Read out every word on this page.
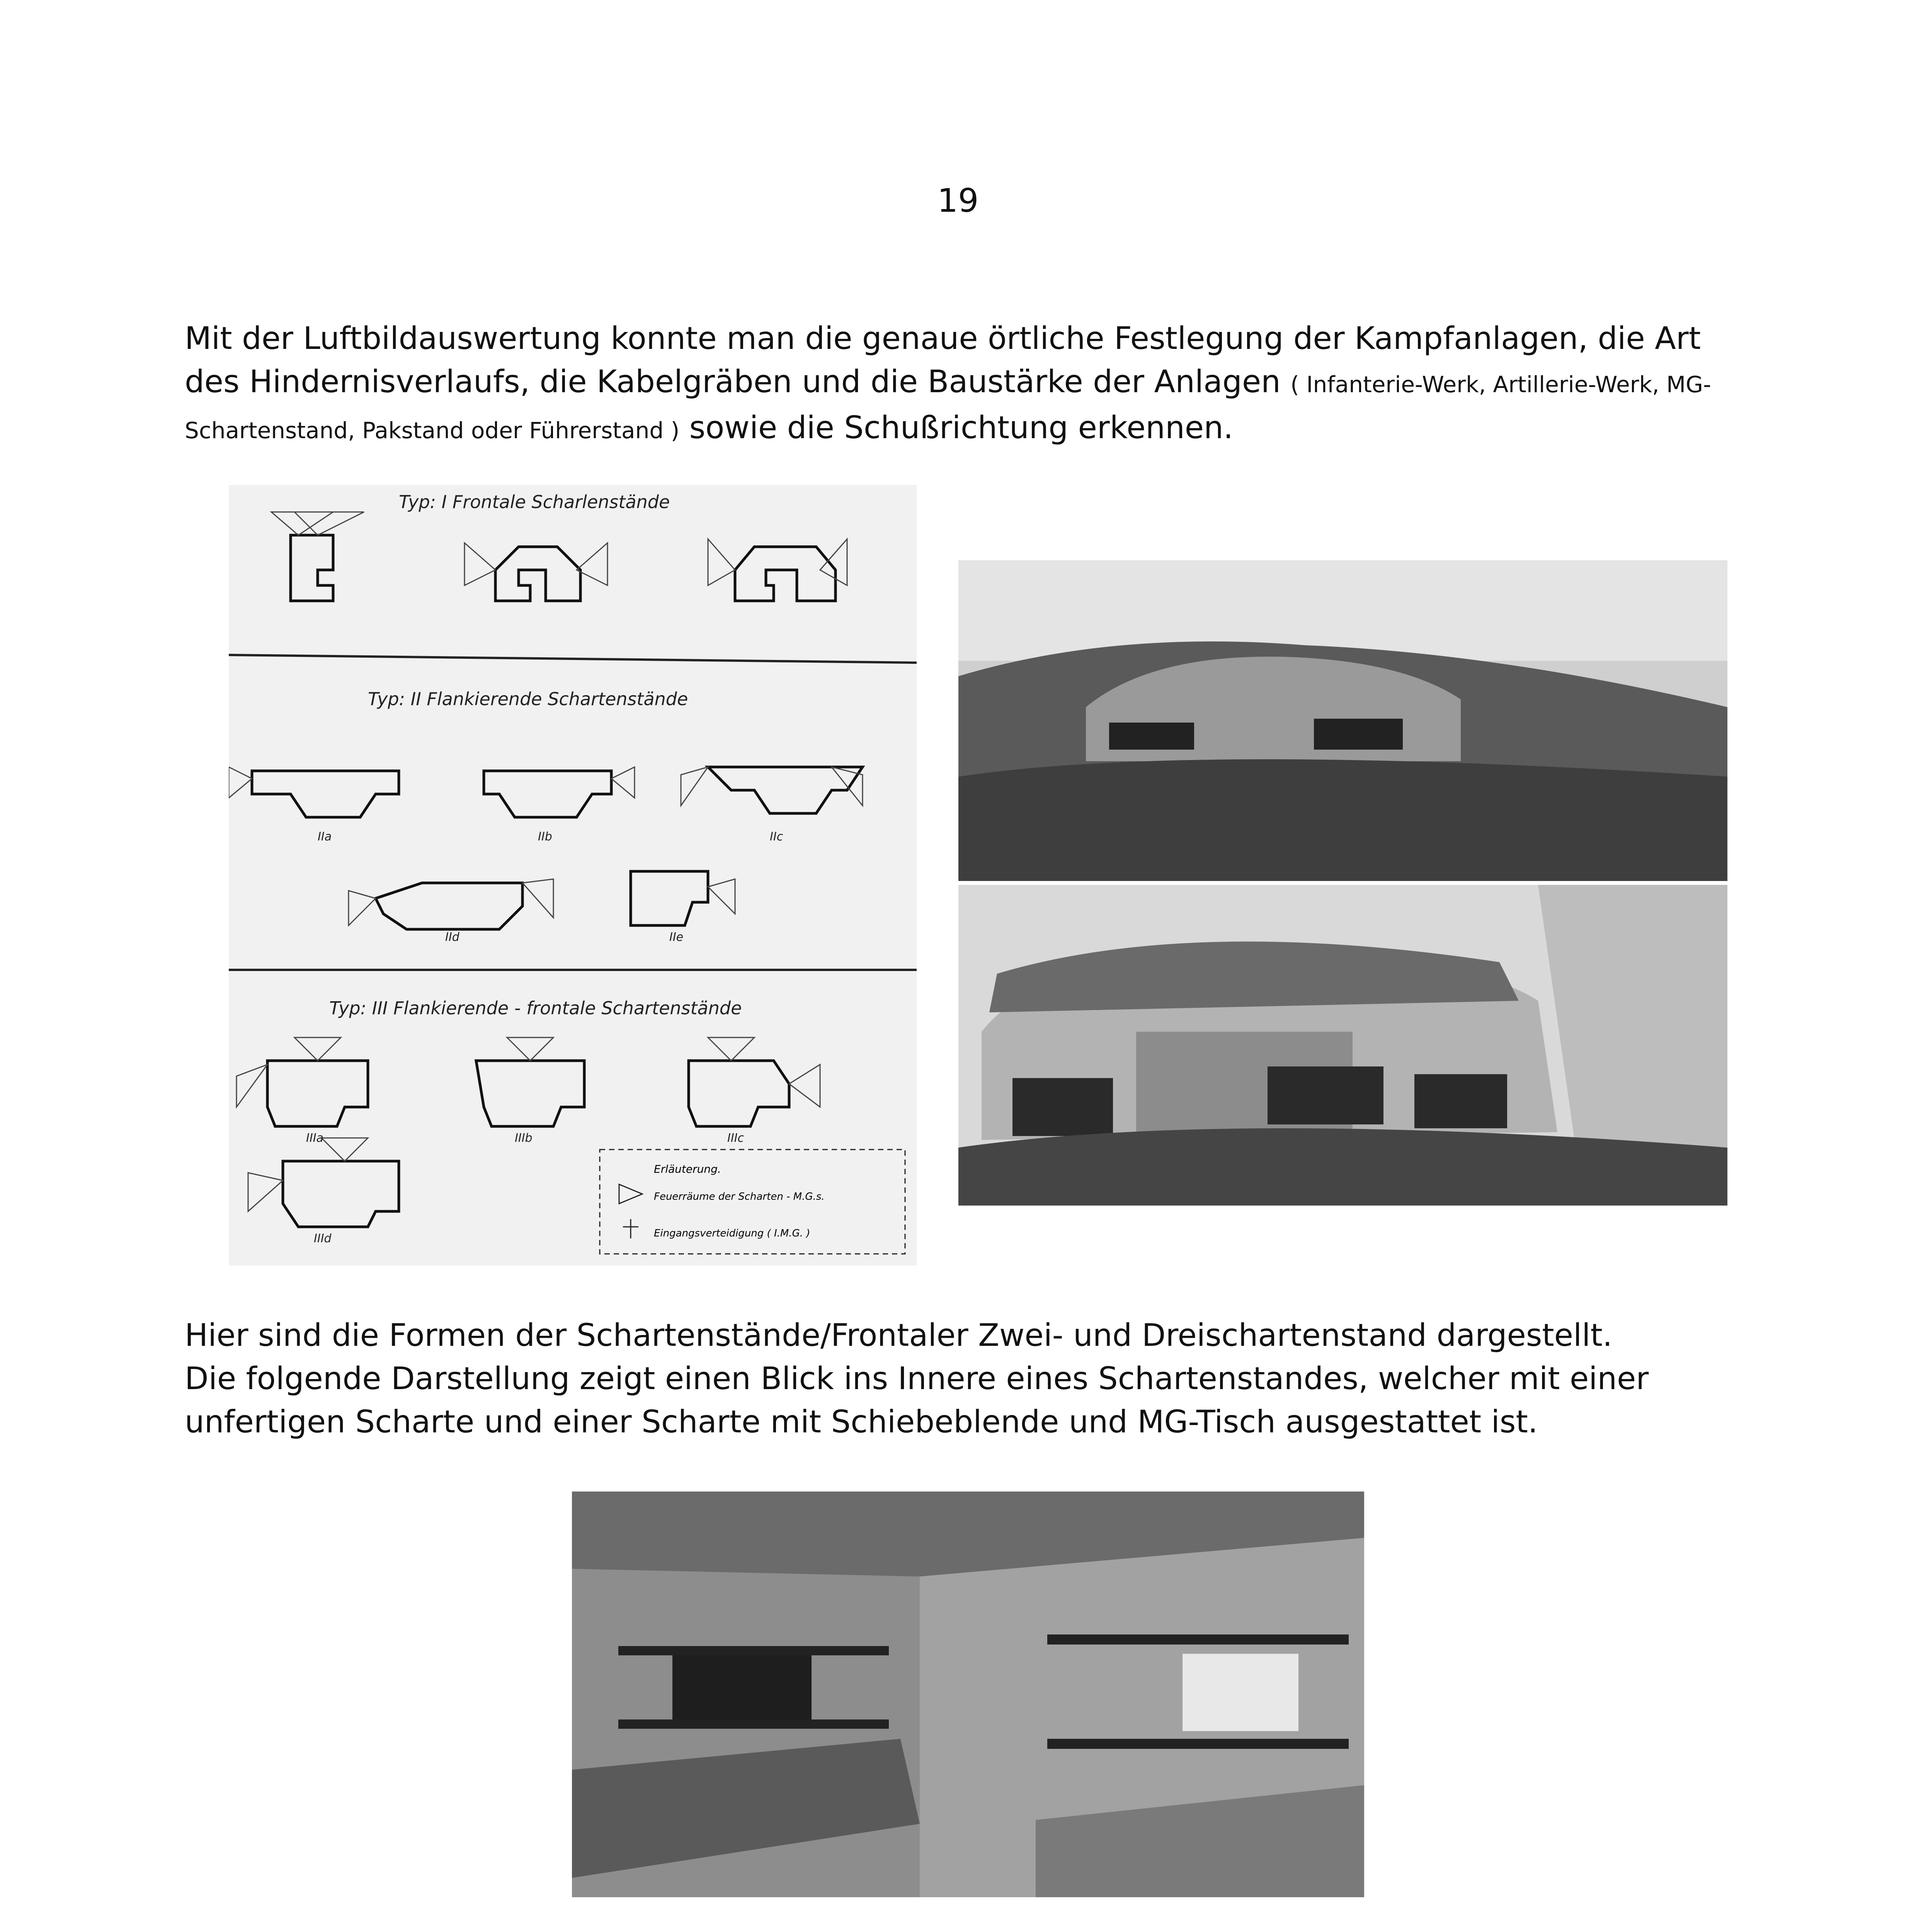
19
Mit der Luftbildauswertung konnte man die genaue örtliche Festlegung der Kampfanlagen, die Art des Hindernisverlaufs, die Kabelgräben und die Baustärke der Anlagen ( Infanterie-Werk, Artillerie-Werk, MG-Schartenstand, Pakstand oder Führerstand ) sowie die Schußrichtung erkennen.
Typ: I Frontale Scharlenstände
Typ: II Flankierende Schartenstände
Typ: III Flankierende - frontale Schartenstände
IIa	IIb	IIc
IId	IIe
IIIa	IIIb	IIIc
IIId
Erläuterung.
Feuerräume der Scharten - M.G.s.
Eingangsverteidigung ( I.M.G. )
Hier sind die Formen der Schartenstände/Frontaler Zwei- und Dreischartenstand dargestellt.
Die folgende Darstellung zeigt einen Blick ins Innere eines Schartenstandes, welcher mit einer unfertigen Scharte und einer Scharte mit Schiebeblende und MG-Tisch ausgestattet ist.
